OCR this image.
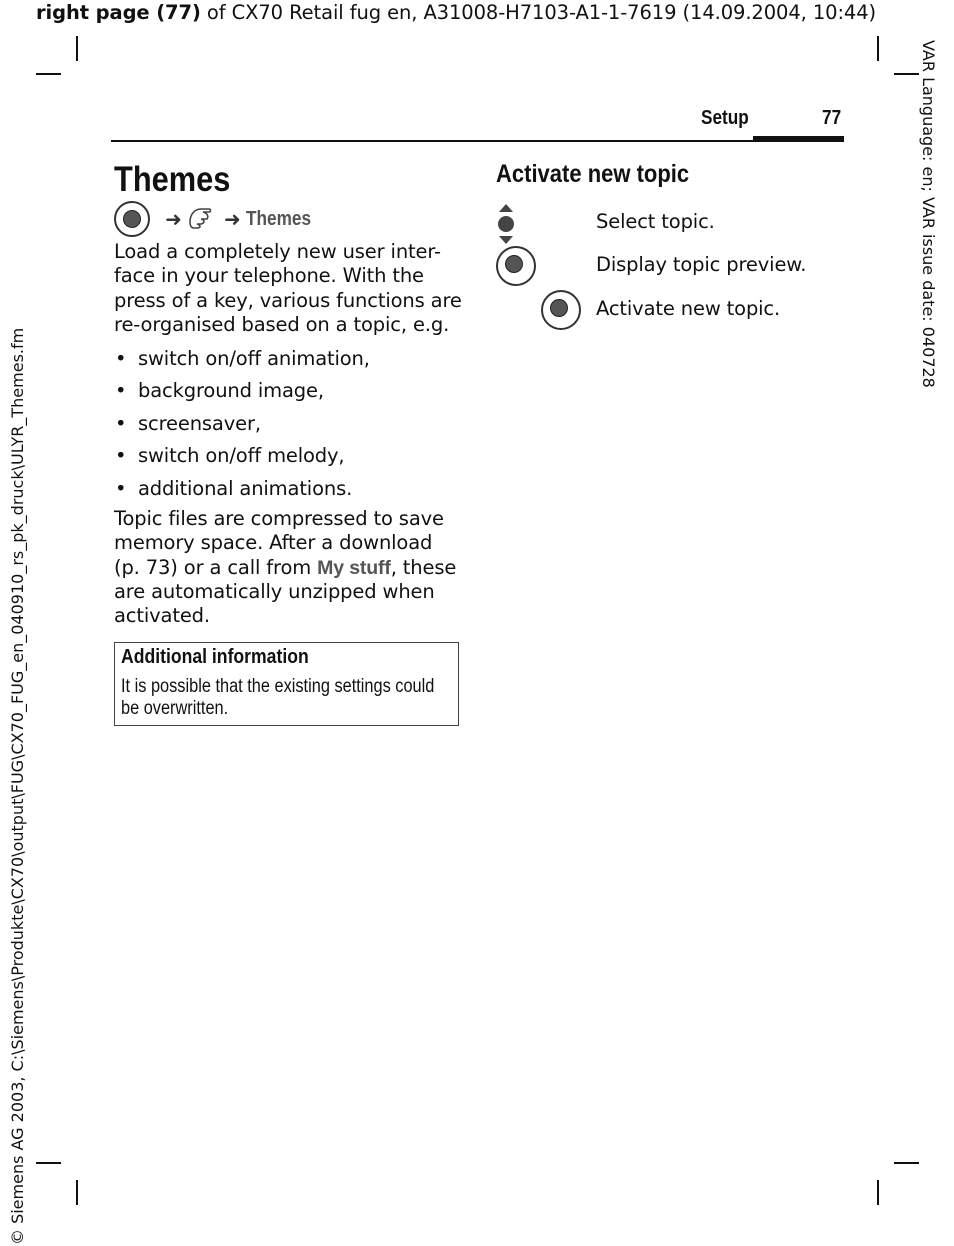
right page (77) of CX70 Retail fug en, A31008-H7103-A1-1-7619 (14.09.2004, 10:44)
VAR Language: en; VAR issue date: 040728
© Siemens AG 2003, C:\Siemens\Produkte\CX70\output\FUG\CX70_FUG_en_040910_rs_pk_druck\ULYR_Themes.fm
Setup	77
Themes
➜ ➜ Themes
Load a completely new user inter-
face in your telephone. With the
press of a key, various functions are
re-organised based on a topic, e.g.
• switch on/off animation,
• background image,
• screensaver,
• switch on/off melody,
• additional animations.
Topic files are compressed to save
memory space. After a download
(p. 73) or a call from My stuff, these
are automatically unzipped when
activated.
Additional information
It is possible that the existing settings could
be overwritten.
Activate new topic
Select topic.

Display topic preview.
Activate new topic.
